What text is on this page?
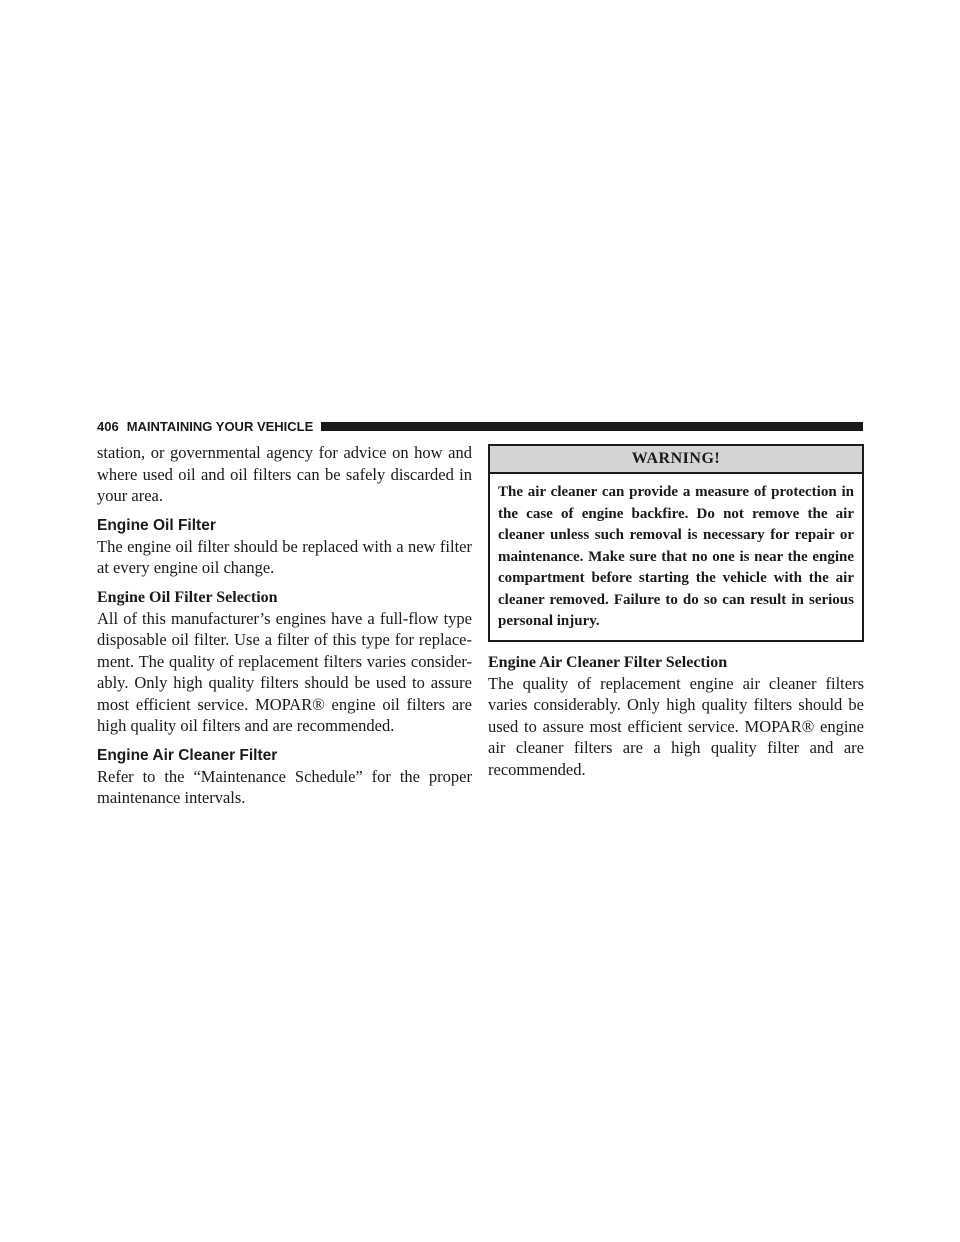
406 MAINTAINING YOUR VEHICLE

station, or governmental agency for advice on how and where used oil and oil filters can be safely discarded in your area.

Engine Oil Filter

The engine oil filter should be replaced with a new filter at every engine oil change.

Engine Oil Filter Selection

All of this manufacturer’s engines have a full-flow type disposable oil filter. Use a filter of this type for replace-ment. The quality of replacement filters varies consider-ably. Only high quality filters should be used to assure most efficient service. MOPAR® engine oil filters are high quality oil filters and are recommended.

Engine Air Cleaner Filter

Refer to the “Maintenance Schedule” for the proper maintenance intervals.

WARNING!
The air cleaner can provide a measure of protection in the case of engine backfire. Do not remove the air cleaner unless such removal is necessary for repair or maintenance. Make sure that no one is near the engine compartment before starting the vehicle with the air cleaner removed. Failure to do so can result in serious personal injury.
Engine Air Cleaner Filter Selection

The quality of replacement engine air cleaner filters varies considerably. Only high quality filters should be used to assure most efficient service. MOPAR® engine air cleaner filters are a high quality filter and are recommended.
